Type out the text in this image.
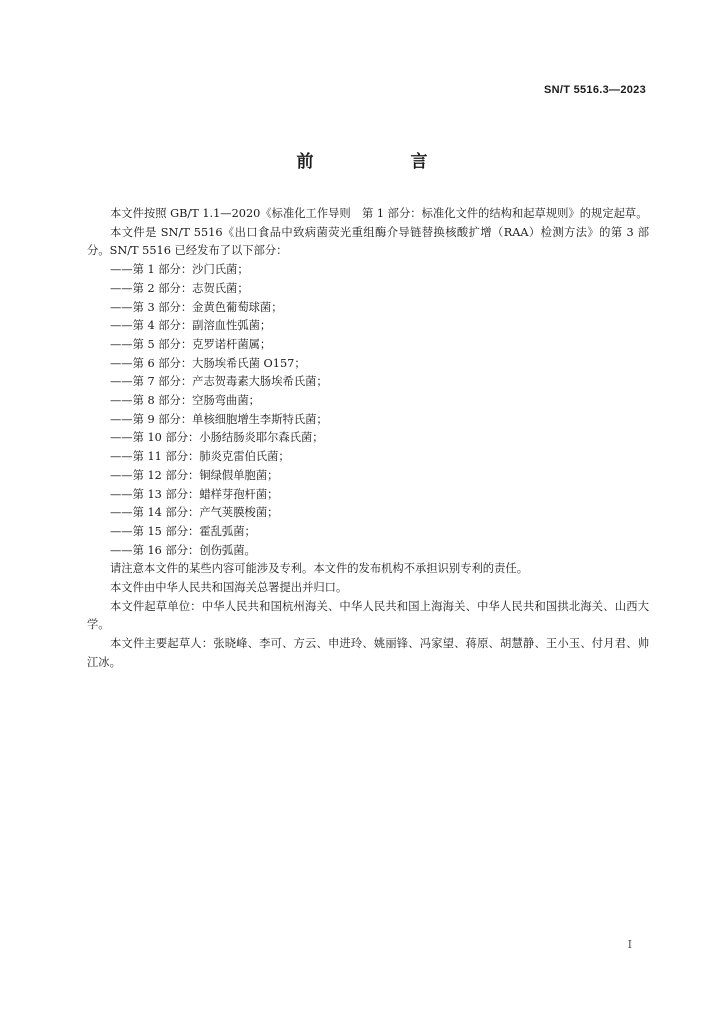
SN/T 5516.3—2023
前　言

本文件按照 GB/T 1.1—2020《标准化工作导则　第 1 部分：标准化文件的结构和起草规则》的规定起草。

本文件是 SN/T 5516《出口食品中致病菌荧光重组酶介导链替换核酸扩增（RAA）检测方法》的第 3 部分。SN/T 5516 已经发布了以下部分：

——第 1 部分：沙门氏菌；

——第 2 部分：志贺氏菌；

——第 3 部分：金黄色葡萄球菌；

——第 4 部分：副溶血性弧菌；

——第 5 部分：克罗诺杆菌属；

——第 6 部分：大肠埃希氏菌 O157；

——第 7 部分：产志贺毒素大肠埃希氏菌；

——第 8 部分：空肠弯曲菌；

——第 9 部分：单核细胞增生李斯特氏菌；

——第 10 部分：小肠结肠炎耶尔森氏菌；

——第 11 部分：肺炎克雷伯氏菌；

——第 12 部分：铜绿假单胞菌；

——第 13 部分：蜡样芽孢杆菌；

——第 14 部分：产气荚膜梭菌；

——第 15 部分：霍乱弧菌；

——第 16 部分：创伤弧菌。

请注意本文件的某些内容可能涉及专利。本文件的发布机构不承担识别专利的责任。

本文件由中华人民共和国海关总署提出并归口。

本文件起草单位：中华人民共和国杭州海关、中华人民共和国上海海关、中华人民共和国拱北海关、山西大学。

本文件主要起草人：张晓峰、李可、方云、申进玲、姚丽锋、冯家望、蒋原、胡慧静、王小玉、付月君、帅江冰。

I
